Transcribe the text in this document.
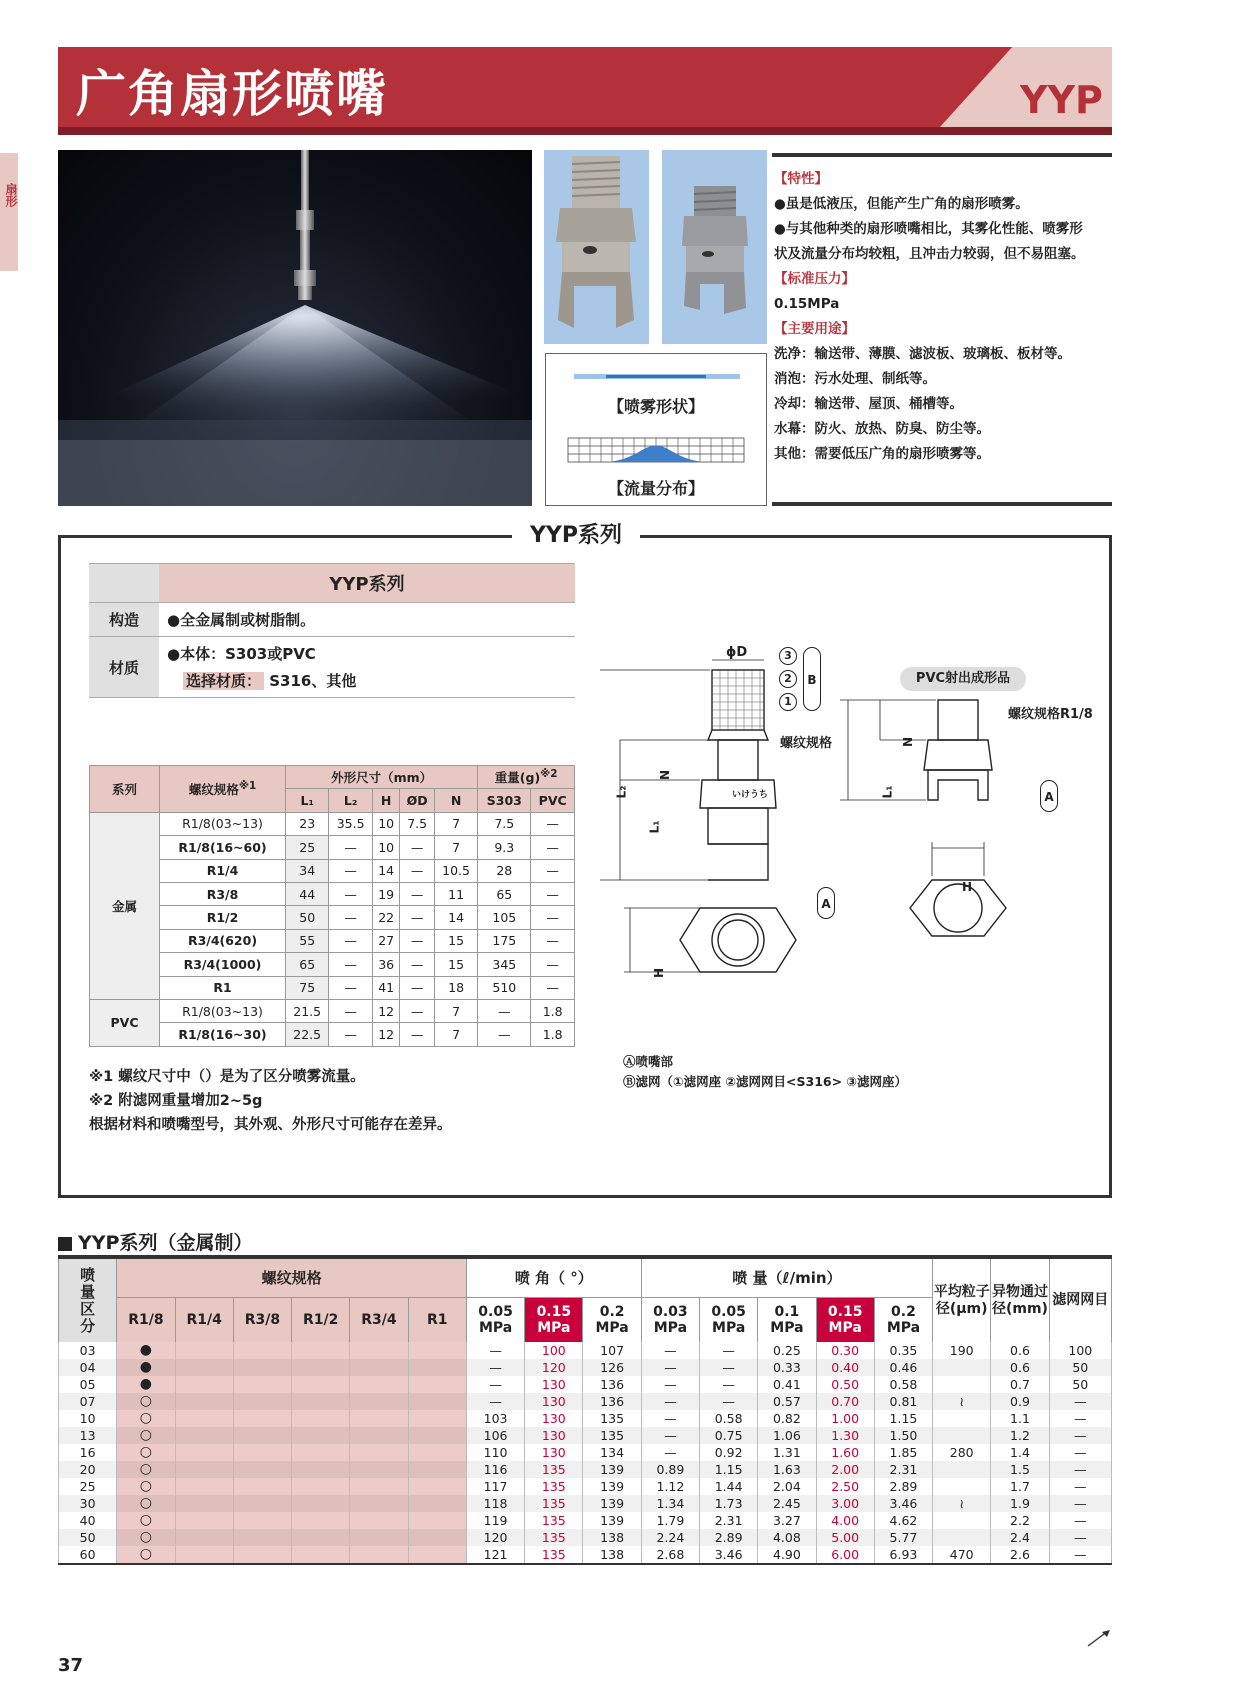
广角扇形喷嘴	YYP
扇形
【喷雾形状】
【流量分布】
【特性】
●虽是低液压，但能产生广角的扇形喷雾。
●与其他种类的扇形喷嘴相比，其雾化性能、喷雾形
状及流量分布均较粗，且冲击力较弱，但不易阻塞。
【标准压力】
0.15MPa
【主要用途】
洗净：输送带、薄膜、滤波板、玻璃板、板材等。
消泡：污水处理、制纸等。
冷却：输送带、屋顶、桶槽等。
水幕：防火、放热、防臭、防尘等。
其他：需要低压广角的扇形喷雾等。
YYP系列
	YYP系列
构造	●全金属制或树脂制。
材质	●本体：S303或PVC
选择材质： S316、其他
系列	螺纹规格$^{※1}$	外形尺寸（mm）					重量$(g)^{※2}$
		L₁	L₂	H	ØD	N	S303	PVC
金属	R1/8(03~13)	23	35.5	10	7.5	7	7.5	—
	R1/8(16~60)	25	—	10	—	7	9.3	—
	R1/4	34	—	14	—	10.5	28	—
	R3/8	44	—	19	—	11	65	—
	R1/2	50	—	22	—	14	105	—
	R3/4(620)	55	—	27	—	15	175	—
	R3/4(1000)	65	—	36	—	15	345	—
	R1	75	—	41	—	18	510	—
PVC	R1/8(03~13)	21.5	—	12	—	7	—	1.8
	R1/8(16~30)	22.5	—	12	—	7	—	1.8
※1 螺纹尺寸中（）是为了区分喷雾流量。
※2 附滤网重量增加2~5g
根据材料和喷嘴型号，其外观、外形尺寸可能存在差异。
ϕD
いけうち
3
2
1
B
A
A
螺纹规格
螺纹规格R1/8
L₂
L₁
N
H
L₁
N
H
PVC射出成形品
Ⓐ喷嘴部
Ⓑ滤网（①滤网座 ②滤网网目<S316> ③滤网座）
YYP系列（金属制）
喷量区分	螺纹规格						喷 角（ °）			喷 量（ℓ/min）					平均粒子径(μm)	异物通过径(mm)	滤网网目
	R1/8	R1/4	R3/8	R1/2	R3/4	R1	0.05 MPa	0.15 MPa	0.2 MPa	0.03 MPa	0.05 MPa	0.1 MPa	0.15 MPa	0.2 MPa			
03	●						—	100	107	—	—	0.25	0.30	0.35	190	0.6	100
04	●						—	120	126	—	—	0.33	0.40	0.46		0.6	50
05	●						—	130	136	—	—	0.41	0.50	0.58		0.7	50
07	○						—	130	136	—	—	0.57	0.70	0.81	≀	0.9	—
10	○						103	130	135	—	0.58	0.82	1.00	1.15		1.1	—
13	○						106	130	135	—	0.75	1.06	1.30	1.50		1.2	—
16	○						110	130	134	—	0.92	1.31	1.60	1.85	280	1.4	—
20	○						116	135	139	0.89	1.15	1.63	2.00	2.31		1.5	—
25	○						117	135	139	1.12	1.44	2.04	2.50	2.89		1.7	—
30	○						118	135	139	1.34	1.73	2.45	3.00	3.46	≀	1.9	—
40	○						119	135	139	1.79	2.31	3.27	4.00	4.62		2.2	—
50	○						120	135	138	2.24	2.89	4.08	5.00	5.77		2.4	—
60	○						121	135	138	2.68	3.46	4.90	6.00	6.93	470	2.6	—
37
